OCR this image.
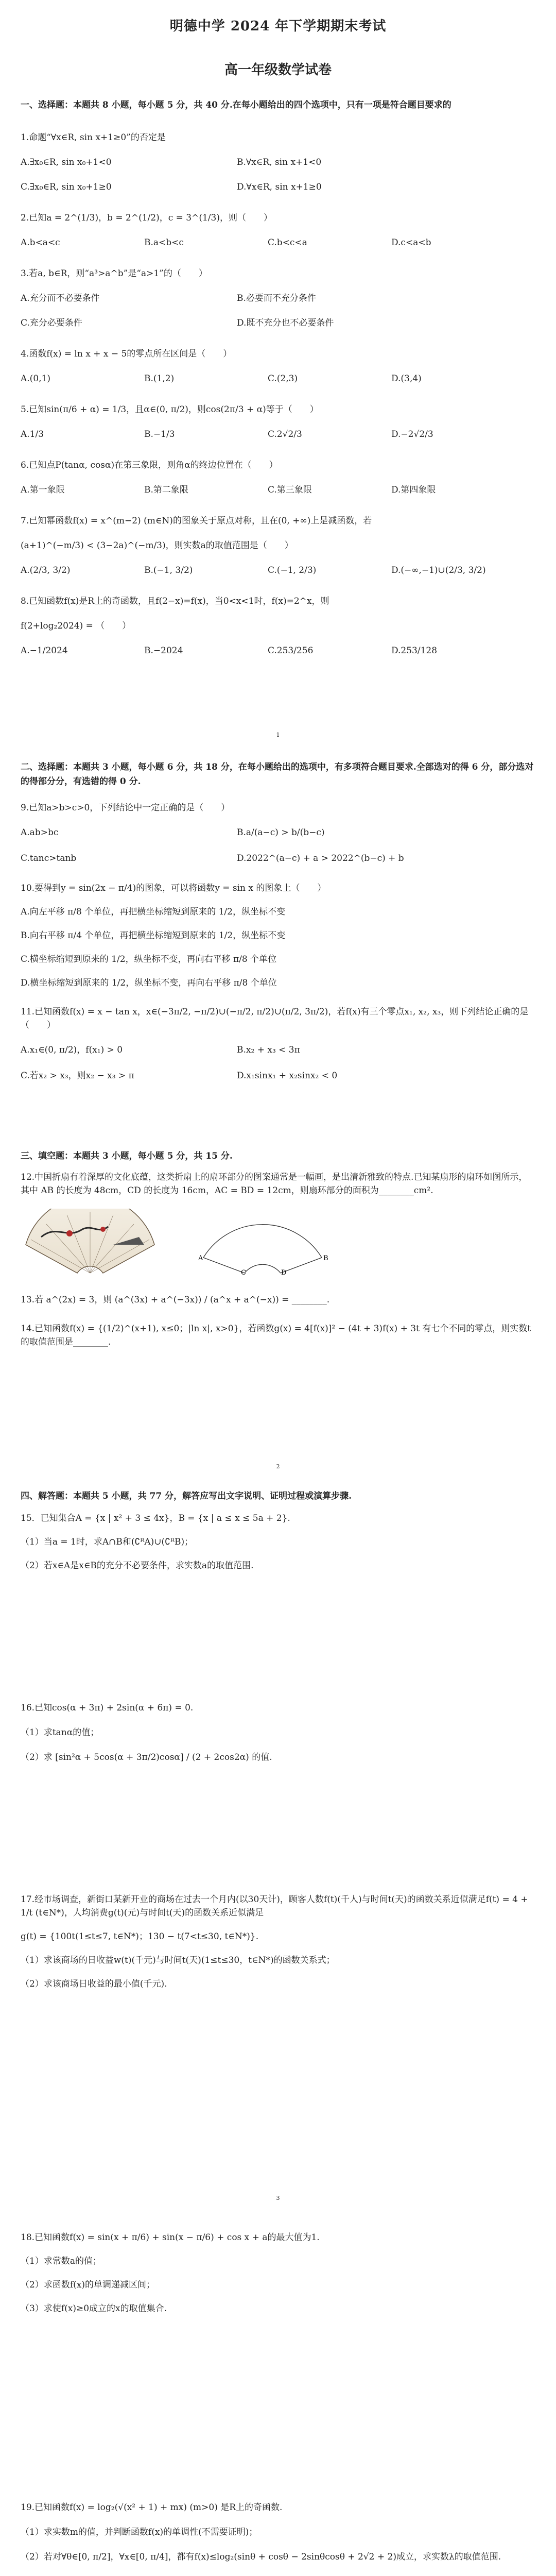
明德中学 2024 年下学期期末考试
高一年级数学试卷
一、选择题：本题共 8 小题，每小题 5 分，共 40 分.在每小题给出的四个选项中，只有一项是符合题目要求的
1.命题“∀x∈R, sin x+1≥0”的否定是
A.∃x₀∈R, sin x₀+1<0	B.∀x∈R, sin x+1<0
C.∃x₀∈R, sin x₀+1≥0	D.∀x∈R, sin x+1≥0
2.已知a = 2^(1/3)，b = 2^(1/2)，c = 3^(1/3)，则（　　）
A.b<a<c	B.a<b<c	C.b<c<a	D.c<a<b
3.若a, b∈R，则“a³>a^b”是“a>1”的（　　）
A.充分而不必要条件	B.必要而不充分条件
C.充分必要条件	D.既不充分也不必要条件
4.函数f(x) = ln x + x − 5的零点所在区间是（　　）
A.(0,1)	B.(1,2)	C.(2,3)	D.(3,4)
5.已知sin(π/6 + α) = 1/3，且α∈(0, π/2)，则cos(2π/3 + α)等于（　　）
A.1/3	B.−1/3	C.2√2/3	D.−2√2/3
6.已知点P(tanα, cosα)在第三象限，则角α的终边位置在（　　）
A.第一象限	B.第二象限	C.第三象限	D.第四象限
7.已知幂函数f(x) = x^(m−2) (m∈N)的图象关于原点对称，且在(0, +∞)上是减函数，若
(a+1)^(−m/3) < (3−2a)^(−m/3)，则实数a的取值范围是（　　）
A.(2/3, 3/2)	B.(−1, 3/2)	C.(−1, 2/3)	D.(−∞,−1)∪(2/3, 3/2)
8.已知函数f(x)是R上的奇函数，且f(2−x)=f(x)，当0<x<1时，f(x)=2^x，则
f(2+log₂2024) = （　　）
A.−1/2024	B.−2024	C.253/256	D.253/128
1
二、选择题：本题共 3 小题，每小题 6 分，共 18 分，在每小题给出的选项中，有多项符合题目要求.全部选对的得 6 分，部分选对的得部分分，有选错的得 0 分.
9.已知a>b>c>0，下列结论中一定正确的是（　　）
A.ab>bc	B.a/(a−c) > b/(b−c)
C.tanc>tanb	D.2022^(a−c) + a > 2022^(b−c) + b
10.要得到y = sin(2x − π/4)的图象，可以将函数y = sin x 的图象上（　　）
A.向左平移 π/8 个单位，再把横坐标缩短到原来的 1/2，纵坐标不变
B.向右平移 π/4 个单位，再把横坐标缩短到原来的 1/2，纵坐标不变
C.横坐标缩短到原来的 1/2，纵坐标不变，再向右平移 π/8 个单位
D.横坐标缩短到原来的 1/2，纵坐标不变，再向右平移 π/8 个单位
11.已知函数f(x) = x − tan x，x∈(−3π/2, −π/2)∪(−π/2, π/2)∪(π/2, 3π/2)，若f(x)有三个零点x₁, x₂, x₃，则下列结论正确的是（　　）
A.x₁∈(0, π/2)，f(x₁) > 0	B.x₂ + x₃ < 3π
C.若x₂ > x₃，则x₂ − x₃ > π	D.x₁sinx₁ + x₂sinx₂ < 0
三、填空题：本题共 3 小题，每小题 5 分，共 15 分.
12.中国折扇有着深厚的文化底蕴，这类折扇上的扇环部分的图案通常是一幅画，是出清新雅致的特点.已知某扇形的扇环如图所示，其中 AB 的长度为 48cm，CD 的长度为 16cm，AC = BD = 12cm，则扇环部分的面积为________cm².
A	B
C	D
13.若 a^(2x) = 3，则 (a^(3x) + a^(−3x)) / (a^x + a^(−x)) = ________.
14.已知函数f(x) = {(1/2)^(x+1), x≤0；|ln x|, x>0}，若函数g(x) = 4[f(x)]² − (4t + 3)f(x) + 3t 有七个不同的零点，则实数t的取值范围是________.
2
四、解答题：本题共 5 小题，共 77 分，解答应写出文字说明、证明过程或演算步骤.
15．已知集合A = {x | x² + 3 ≤ 4x}，B = {x | a ≤ x ≤ 5a + 2}.
（1）当a = 1时，求A∩B和(∁ᴿA)∪(∁ᴿB)；
（2）若x∈A是x∈B的充分不必要条件，求实数a的取值范围.
16.已知cos(α + 3π) + 2sin(α + 6π) = 0.
（1）求tanα的值；
（2）求 [sin²α + 5cos(α + 3π/2)cosα] / (2 + 2cos2α) 的值.
17.经市场调查，新街口某新开业的商场在过去一个月内(以30天计)，顾客人数f(t)(千人)与时间t(天)的函数关系近似满足f(t) = 4 + 1/t (t∈N*)，人均消费g(t)(元)与时间t(天)的函数关系近似满足
g(t) = {100t(1≤t≤7, t∈N*)；130 − t(7<t≤30, t∈N*)}.
（1）求该商场的日收益w(t)(千元)与时间t(天)(1≤t≤30，t∈N*)的函数关系式；
（2）求该商场日收益的最小值(千元).
3
18.已知函数f(x) = sin(x + π/6) + sin(x − π/6) + cos x + a的最大值为1.
（1）求常数a的值；
（2）求函数f(x)的单调递减区间；
（3）求使f(x)≥0成立的x的取值集合.
19.已知函数f(x) = log₂(√(x² + 1) + mx) (m>0) 是R上的奇函数.
（1）求实数m的值，并判断函数f(x)的单调性(不需要证明)；
（2）若对∀θ∈[0, π/2]，∀x∈[0, π/4]，都有f(x)≤log₂(sinθ + cosθ − 2sinθcosθ + 2√2 + 2)成立，求实数λ的取值范围.
